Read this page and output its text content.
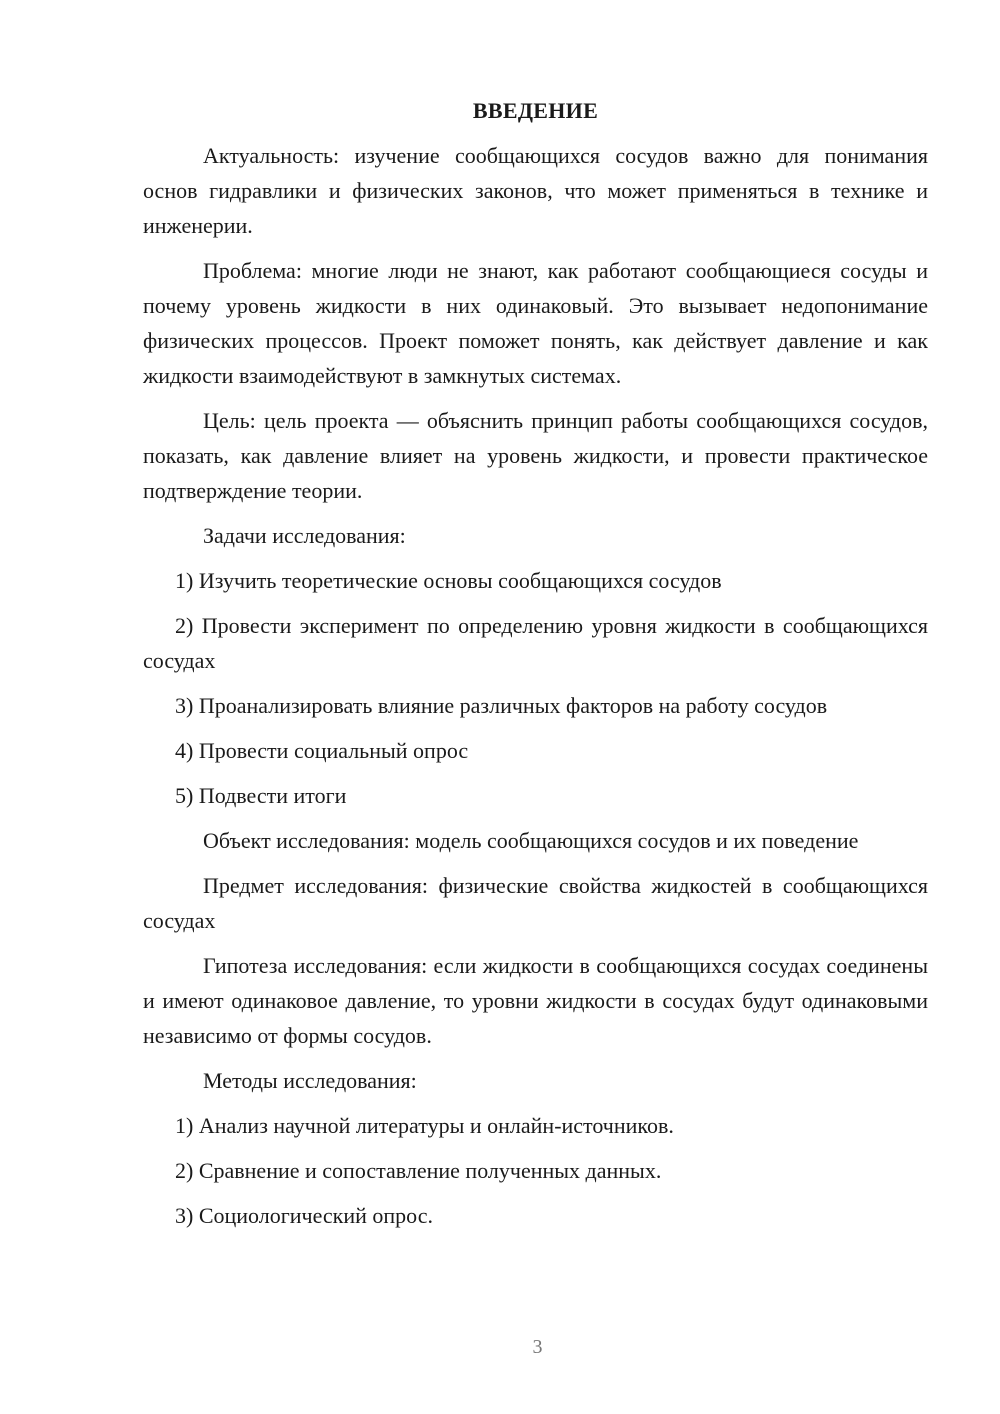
ВВЕДЕНИЕ

Актуальность: изучение сообщающихся сосудов важно для понимания основ гидравлики и физических законов, что может применяться в технике и инженерии.

Проблема: многие люди не знают, как работают сообщающиеся сосуды и почему уровень жидкости в них одинаковый. Это вызывает недопонимание физических процессов. Проект поможет понять, как действует давление и как жидкости взаимодействуют в замкнутых системах.

Цель: цель проекта — объяснить принцип работы сообщающихся сосудов, показать, как давление влияет на уровень жидкости, и провести практическое подтверждение теории.

Задачи исследования:

1) Изучить теоретические основы сообщающихся сосудов

2) Провести эксперимент по определению уровня жидкости в сообщающихся сосудах

3) Проанализировать влияние различных факторов на работу сосудов

4) Провести социальный опрос

5) Подвести итоги

Объект исследования: модель сообщающихся сосудов и их поведение

Предмет исследования: физические свойства жидкостей в сообщающихся сосудах

Гипотеза исследования: если жидкости в сообщающихся сосудах соединены и имеют одинаковое давление, то уровни жидкости в сосудах будут одинаковыми независимо от формы сосудов.

Методы исследования:

1) Анализ научной литературы и онлайн-источников.

2) Сравнение и сопоставление полученных данных.

3) Социологический опрос.

3
